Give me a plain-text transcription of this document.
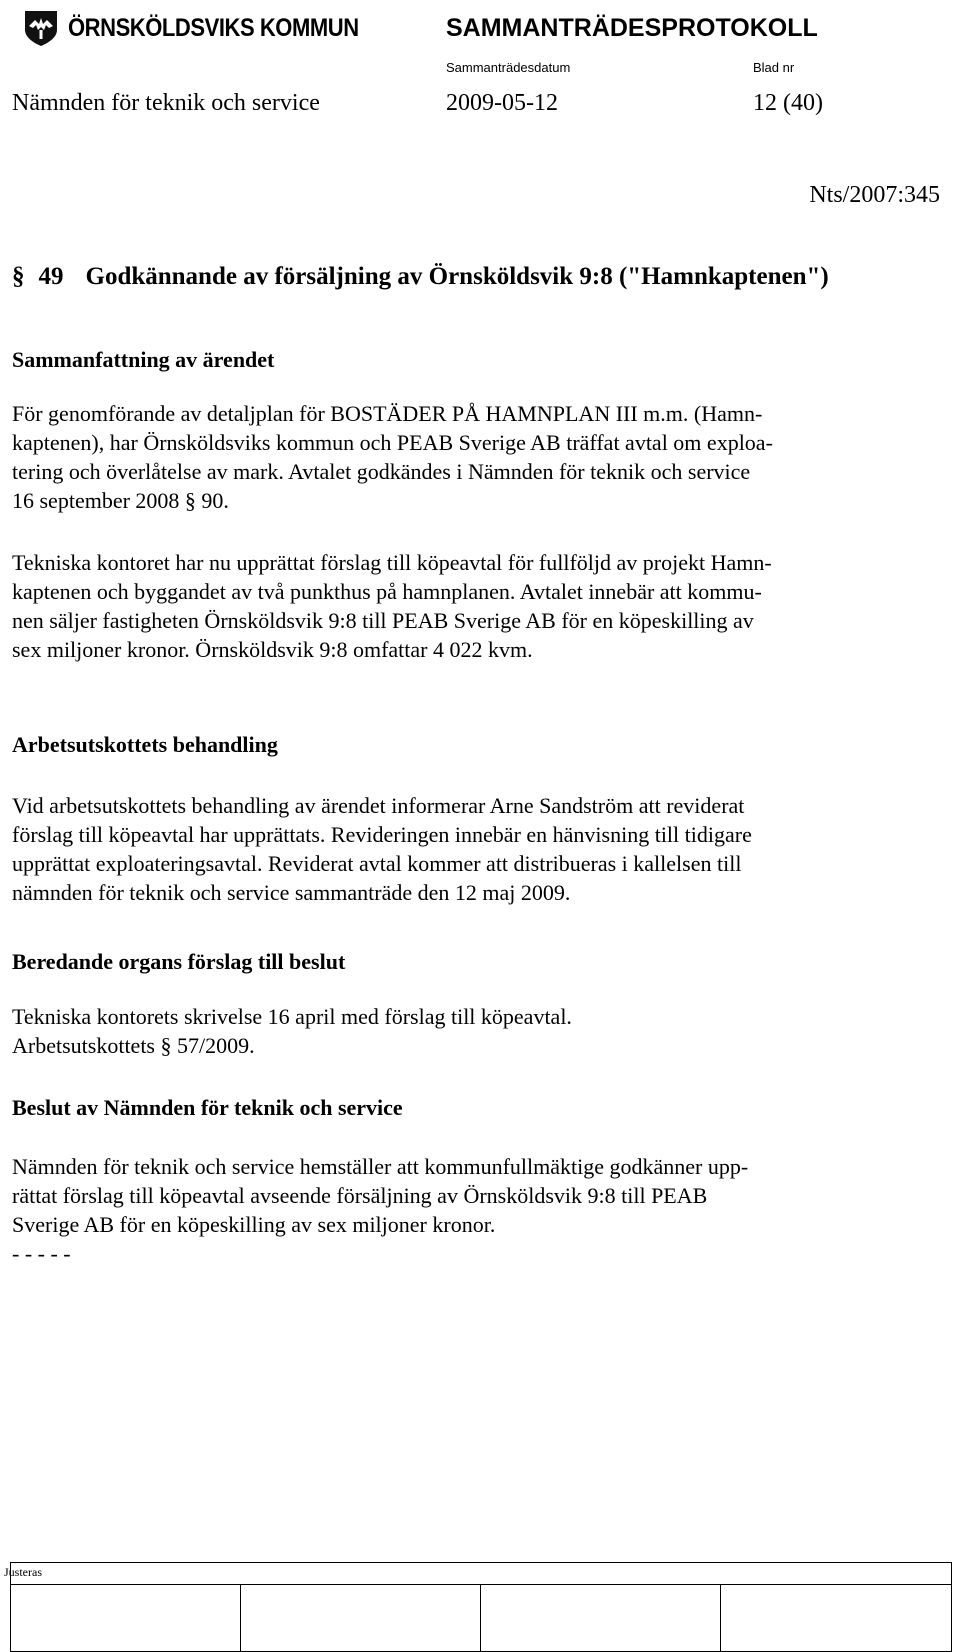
ÖRNSKÖLDSVIKS KOMMUN	SAMMANTRÄDESPROTOKOLL
Sammanträdesdatum	Blad nr
Nämnden för teknik och service	2009-05-12	12 (40)
Nts/2007:345
§ 49 Godkännande av försäljning av Örnsköldsvik 9:8 ("Hamnkaptenen")
Sammanfattning av ärendet
För genomförande av detaljplan för BOSTÄDER PÅ HAMNPLAN III m.m. (Hamn-
kaptenen), har Örnsköldsviks kommun och PEAB Sverige AB träffat avtal om exploa-
tering och överlåtelse av mark. Avtalet godkändes i Nämnden för teknik och service
16 september 2008 § 90.
Tekniska kontoret har nu upprättat förslag till köpeavtal för fullföljd av projekt Hamn-
kaptenen och byggandet av två punkthus på hamnplanen. Avtalet innebär att kommu-
nen säljer fastigheten Örnsköldsvik 9:8 till PEAB Sverige AB för en köpeskilling av
sex miljoner kronor. Örnsköldsvik 9:8 omfattar 4 022 kvm.
Arbetsutskottets behandling
Vid arbetsutskottets behandling av ärendet informerar Arne Sandström att reviderat
förslag till köpeavtal har upprättats. Revideringen innebär en hänvisning till tidigare
upprättat exploateringsavtal. Reviderat avtal kommer att distribueras i kallelsen till
nämnden för teknik och service sammanträde den 12 maj 2009.
Beredande organs förslag till beslut
Tekniska kontorets skrivelse 16 april med förslag till köpeavtal.
Arbetsutskottets § 57/2009.
Beslut av Nämnden för teknik och service
Nämnden för teknik och service hemställer att kommunfullmäktige godkänner upp-
rättat förslag till köpeavtal avseende försäljning av Örnsköldsvik 9:8 till PEAB
Sverige AB för en köpeskilling av sex miljoner kronor.
- - - - -
Justeras
